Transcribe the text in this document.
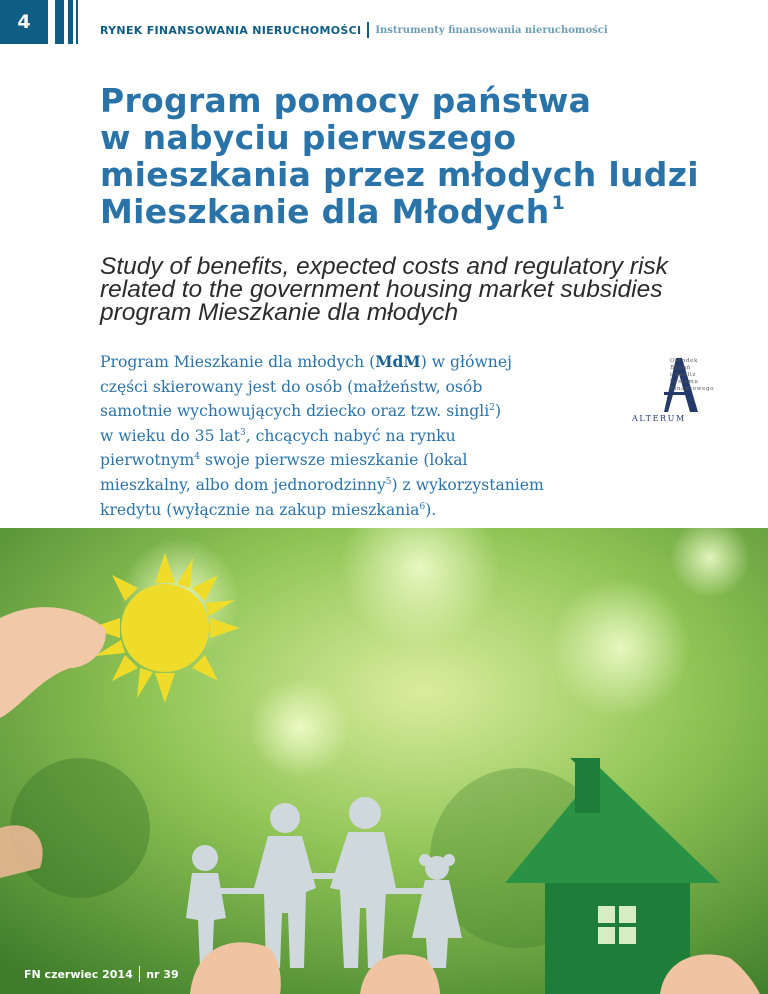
4	RYNEK FINANSOWANIA NIERUCHOMOŚCI Instrumenty finansowania nieruchomości
Program pomocy państwa
w nabyciu pierwszego
mieszkania przez młodych ludzi
Mieszkanie dla Młodych $^1$
Study of benefits, expected costs and regulatory risk
related to the government housing market subsidies
program Mieszkanie dla młodych
Program Mieszkanie dla młodych (MdM) w głównej
części skierowany jest do osób (małżeństw, osób
samotnie wychowujących dziecko oraz tzw. singli$^2$)
w wieku do 35 lat$^3$, chcących nabyć na rynku
pierwotnym$^4$ swoje pierwsze mieszkanie (lokal
mieszkalny, albo dom jednorodzinny$^5$) z wykorzystaniem
kredytu (wyłącznie na zakup mieszkania$^6$).
Ośrodek
Badań
i Analiz
Systemu
Finansowego
ALTERUM
FN czerwiec 2014 nr 39
